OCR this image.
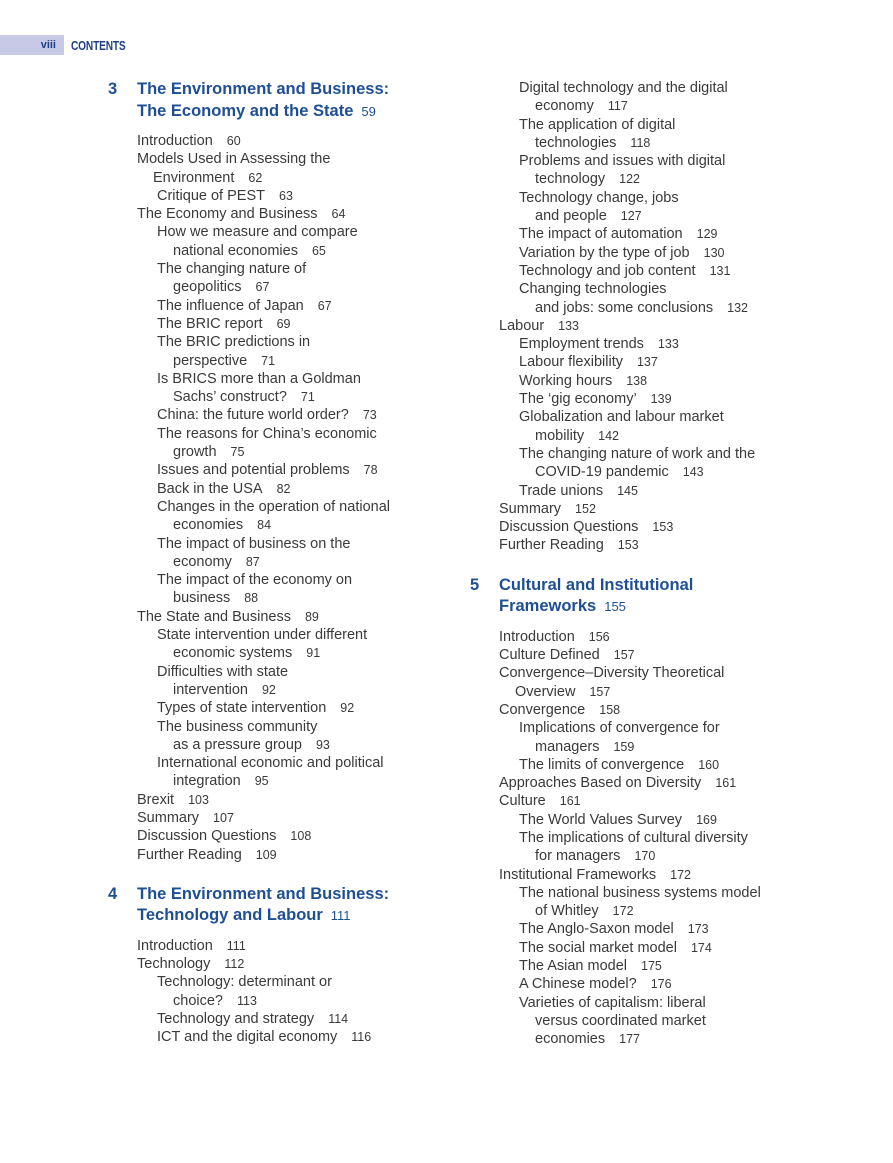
viii	CONTENTS
3	The Environment and Business:
The Economy and the State 59
Introduction 60
Models Used in Assessing the
Environment 62
Critique of PEST 63
The Economy and Business 64
How we measure and compare
national economies 65
The changing nature of
geopolitics 67
The influence of Japan 67
The BRIC report 69
The BRIC predictions in
perspective 71
Is BRICS more than a Goldman
Sachs’ construct? 71
China: the future world order? 73
The reasons for China’s economic
growth 75
Issues and potential problems 78
Back in the USA 82
Changes in the operation of national
economies 84
The impact of business on the
economy 87
The impact of the economy on
business 88
The State and Business 89
State intervention under different
economic systems 91
Difficulties with state
intervention 92
Types of state intervention 92
The business community
as a pressure group 93
International economic and political
integration 95
Brexit 103
Summary 107
Discussion Questions 108
Further Reading 109
4	The Environment and Business:
Technology and Labour 111
Introduction 111
Technology 112
Technology: determinant or
choice? 113
Technology and strategy 114
ICT and the digital economy 116
Digital technology and the digital
economy 117
The application of digital
technologies 118
Problems and issues with digital
technology 122
Technology change, jobs
and people 127
The impact of automation 129
Variation by the type of job 130
Technology and job content 131
Changing technologies
and jobs: some conclusions 132
Labour 133
Employment trends 133
Labour flexibility 137
Working hours 138
The ‘gig economy’ 139
Globalization and labour market
mobility 142
The changing nature of work and the
COVID-19 pandemic 143
Trade unions 145
Summary 152
Discussion Questions 153
Further Reading 153
5	Cultural and Institutional
Frameworks 155
Introduction 156
Culture Defined 157
Convergence–Diversity Theoretical
Overview 157
Convergence 158
Implications of convergence for
managers 159
The limits of convergence 160
Approaches Based on Diversity 161
Culture 161
The World Values Survey 169
The implications of cultural diversity
for managers 170
Institutional Frameworks 172
The national business systems model
of Whitley 172
The Anglo-Saxon model 173
The social market model 174
The Asian model 175
A Chinese model? 176
Varieties of capitalism: liberal
versus coordinated market
economies 177
